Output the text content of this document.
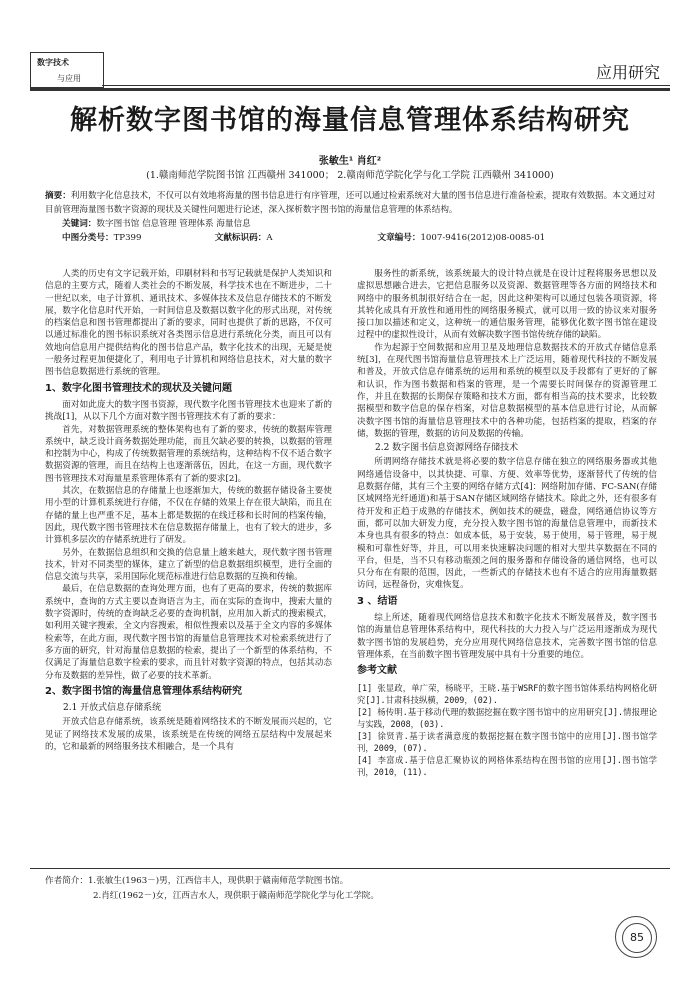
数字技术
与应用	应用研究
解析数字图书馆的海量信息管理体系结构研究
张敏生¹ 肖红²
(1.赣南师范学院图书馆 江西赣州 341000； 2.赣南师范学院化学与化工学院 江西赣州 341000)
摘要：利用数字化信息技术，不仅可以有效地将海量的图书信息进行有序管理，还可以通过检索系统对大量的图书信息进行准备检索，提取有效数据。本文通过对目前管理海量图书数字资源的现状及关键性问题进行论述，深入探析数字图书馆的海量信息管理的体系结构。
关键词：数字图书馆 信息管理 管理体系 海量信息
中图分类号：TP399	文献标识码：A	文章编号：1007-9416(2012)08-0085-01

人类的历史有文字记载开始，印刷材料和书写记载就是保护人类知识和信息的主要方式，随着人类社会的不断发展，科学技术也在不断进步，二十一世纪以来，电子计算机、通讯技术、多媒体技术及信息存储技术的不断发展，数字化信息时代开始，一时间信息及数据以数字化的形式出现，对传统的档案信息和图书管理都提出了新的要求，同时也提供了新的思路，不仅可以通过标准化的图书标识系统对各类图示信息进行系统化分类，而且可以有效地向信息用户提供结构化的图书信息产品，数字化技术的出现，无疑是使一般务过程更加便捷化了，利用电子计算机和网络信息技术，对大量的数字图书信息数据进行系统的管理。

1、数字化图书管理技术的现状及关键问题

面对如此庞大的数字图书资源，现代数字化图书管理技术也迎来了新的挑战[1]，从以下几个方面对数字图书管理技术有了新的要求：

首先，对数据管理系统的整体架构也有了新的要求，传统的数据库管理系统中，缺乏设计商务数据处理功能，而且欠缺必要的转换，以数据的管理和控制为中心，构成了传统数据管理的系统结构，这种结构不仅不适合数字数据资源的管理，而且在结构上也逐渐落伍，因此，在这一方面，现代数字图书管理技术对海量星系管理体系有了新的要求[2]。

其次，在数据信息的存储量上也逐渐加大，传统的数据存储设备主要使用小型的计算机系统进行存储，不仅在存储的效果上存在很大缺陷，而且在存储的量上也严重不足，基本上都是数据的在线迁移和长时间的档案传输，因此，现代数字图书管理技术在信息数据存储量上，也有了较大的进步，多计算机多层次的存储系统进行了研发。

另外，在数据信息组织和交换的信息量上越来越大，现代数字图书管理技术，针对不同类型的媒体，建立了新型的信息数据组织模型，进行全面的信息交流与共享，采用国际化规范标准进行信息数据的互换和传输。

最后，在信息数据的查询处理方面，也有了更高的要求，传统的数据库系统中，查询的方式主要以查询语言为主，而在实际的查询中，搜索大量的数字资源时，传统的查询缺乏必要的查询机制，应用加入新式的搜索模式，如利用关键字搜索，全文内容搜索，相似性搜索以及基于全文内容的多媒体检索等，在此方面，现代数字图书馆的海量信息管理技术对检索系统进行了多方面的研究，针对海量信息数据的检索，提出了一个新型的体系结构，不仅满足了海量信息数字检索的要求，而且针对数字资源的特点，包括其动态分布及数据的差异性，做了必要的技术革新。

2、数字图书馆的海量信息管理体系结构研究
2.1 开放式信息存储系统

开放式信息存储系统，该系统是随着网络技术的不断发展而兴起的，它见证了网络技术发展的成果，该系统是在传统的网络五层结构中发展起来的，它和最新的网络服务技术相融合，是一个具有

服务性的新系统，该系统最大的设计特点就是在设计过程将服务思想以及虚拟思想融合进去，它把信息服务以及资源、数据管理等各方面的网络技术和网络中的服务机制很好结合在一起，因此这种架构可以通过包装各项资源，将其转化成具有开放性和通用性的网络服务模式，就可以用一致的协议来对服务接口加以描述和定义，这种统一的通信服务管理，能够优化数字图书馆在建设过程中的虚拟性设计，从而有效解决数字图书馆传统存储的缺陷。

作为起源于空间数据和应用卫星及地理信息数据技术的开放式存储信息系统[3]，在现代图书馆海量信息管理技术上广泛运用，随着现代科技的不断发展和普及，开放式信息存储系统的运用和系统的模型以及手段都有了更好的了解和认识，作为图书数据和档案的管理，是一个需要长时间保存的资源管理工作，并且在数据的长期保存策略和技术方面，都有相当高的技术要求，比较数据模型和数字信息的保存档案，对信息数据模型的基本信息进行讨论，从而解决数字图书馆的海量信息管理技术中的各种功能，包括档案的提取，档案的存储，数据的管理，数据的访问及数据的传输。

2.2 数字图书信息资源网络存储技术

所谓网络存储技术就是将必要的数字信息存储在独立的网络服务器或其他网络通信设备中，以其快捷、可靠、方便、效率等优势，逐渐替代了传统的信息数据存储，其有三个主要的网络存储方式[4]：网络附加存储、FC-SAN(存储区域网络光纤通道)和基于SAN存储区域网络存储技术。除此之外，还有很多有待开发和正趋于成熟的存储技术，例如技术的硬盘，磁盘，网络通信协议等方面，都可以加大研发力度，充分投入数字图书馆的海量信息管理中，而新技术本身也具有很多的特点：如成本低，易于安装，易于使用，易于管理，易于规模和可靠性好等，并且，可以用来快速解决问题的相对大型共享数据在不同的平台，但是，当不只有移动瓶颈之间的服务器和存储设备的通信网络，也可以只分布在有限的范围，因此，一些新式的存储技术也有不适合的应用海量数据访问，远程备份，灾难恢复。

3 、结语

综上所述，随着现代网络信息技术和数字化技术不断发展普及，数字图书馆的海量信息管理体系结构中，现代科技的大力投入与广泛运用逐渐成为现代数字图书馆的发展趋势，充分应用现代网络信息技术，完善数字图书馆的信息管理体系，在当前数字图书管理发展中具有十分重要的地位。

参考文献

[1] 张显政，单广荣，杨晓平，王晓.基于WSRF的数字图书馆体系结构网格化研究[J].甘肃科技纵横，2009，(02).

[2] 杨传明.基于移动代理的数据挖掘在数字图书馆中的应用研究[J].情报理论与实践，2008，(03).

[3] 徐贤青.基于读者满意度的数据挖掘在数字图书馆中的应用[J].图书馆学刊，2009，(07).

[4] 李富成.基于信息汇聚协议的网格体系结构在图书馆的应用[J].图书馆学刊，2010，(11).

作者简介：1.张敏生(1963－)男，江西信丰人，现供职于赣南师范学院图书馆。
2.肖红(1962－)女，江西吉水人，现供职于赣南师范学院化学与化工学院。
85
